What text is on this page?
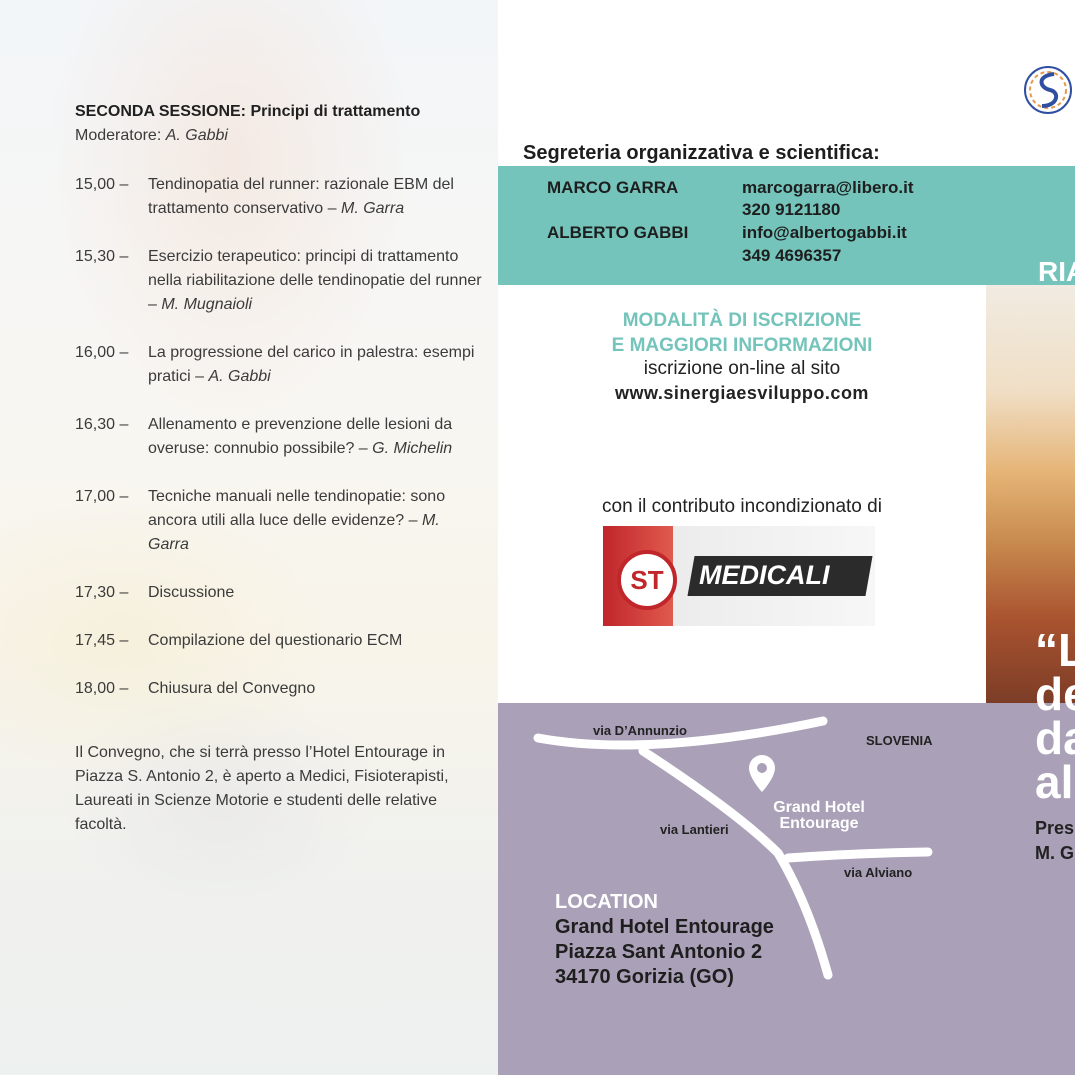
SECONDA SESSIONE: Principi di trattamento
Moderatore: A. Gabbi
15,00 –	Tendinopatia del runner: razionale EBM del trattamento conservativo – M. Garra
15,30 –	Esercizio terapeutico: principi di trattamento nella riabilitazione delle tendinopatie del runner – M. Mugnaioli
16,00 –	La progressione del carico in palestra: esempi pratici – A. Gabbi
16,30 –	Allenamento e prevenzione delle lesioni da overuse: connubio possibile? – G. Michelin
17,00 –	Tecniche manuali nelle tendinopatie: sono ancora utili alla luce delle evidenze? – M. Garra
17,30 –	Discussione
17,45 –	Compilazione del questionario ECM
18,00 –	Chiusura del Convegno
Il Convegno, che si terrà presso l’Hotel Entourage in Piazza S. Antonio 2, è aperto a Medici, Fisioterapisti, Laureati in Scienze Motorie e studenti delle relative facoltà.
Segreteria organizzativa e scientifica:
MARCO GARRA	marcogarra@libero.it
320 9121180
ALBERTO GABBI	info@albertogabbi.it
349 4696357
MODALITÀ DI ISCRIZIONE
E MAGGIORI INFORMAZIONI
iscrizione on-line al sito
www.sinergiaesviluppo.com
con il contributo incondizionato di
ST	MEDICALI
RIA
“L
de
da
al
Pres
M. G
via D’Annunzio
SLOVENIA
Grand Hotel
Entourage
via Lantieri
via Alviano
LOCATION
Grand Hotel Entourage
Piazza Sant Antonio 2
34170 Gorizia (GO)
